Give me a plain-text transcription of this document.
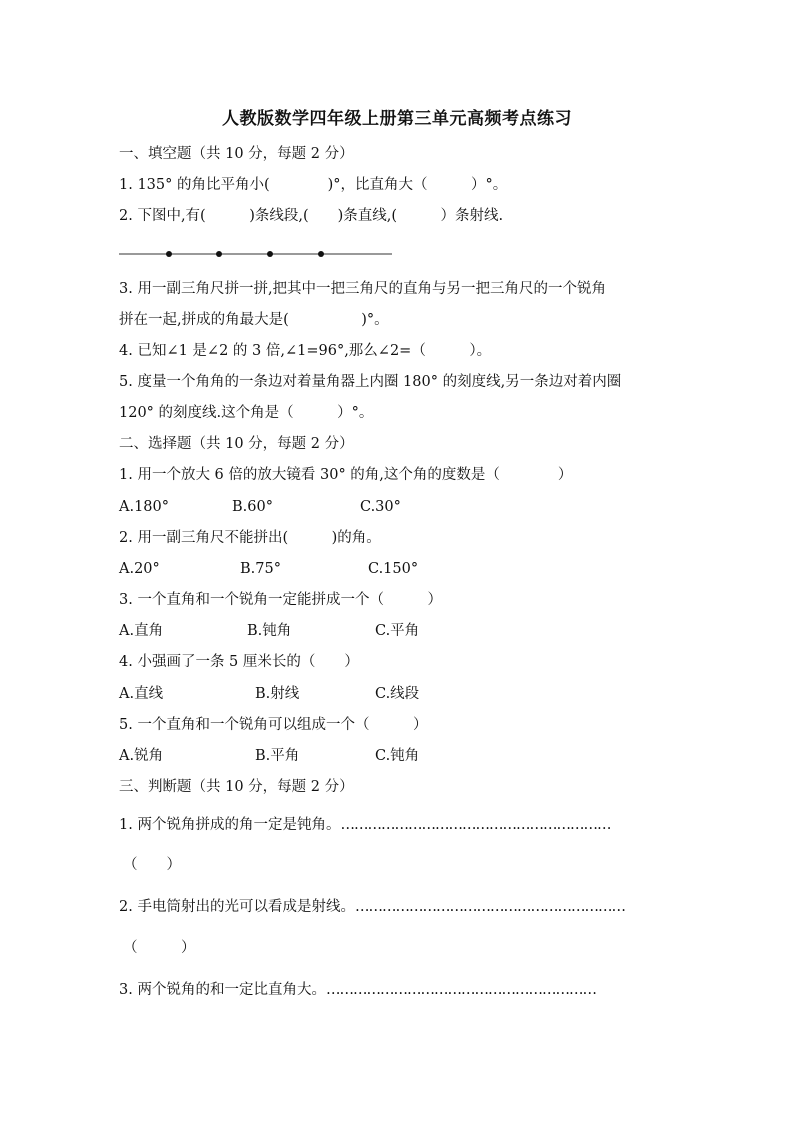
人教版数学四年级上册第三单元高频考点练习
一、填空题（共 10 分，每题 2 分）
1. 135° 的角比平角小(　　　　)°，比直角大（　　　）°。
2. 下图中,有(　　　)条线段,(　　)条直线,(　　　）条射线.
3. 用一副三角尺拼一拼,把其中一把三角尺的直角与另一把三角尺的一个锐角
拼在一起,拼成的角最大是(　　　　　)°。
4. 已知∠1 是∠2 的 3 倍,∠1=96°,那么∠2=（　　　）。
5. 度量一个角角的一条边对着量角器上内圈 180° 的刻度线,另一条边对着内圈
120° 的刻度线.这个角是（　　　）°。
二、选择题（共 10 分，每题 2 分）
1. 用一个放大 6 倍的放大镜看 30° 的角,这个角的度数是（　　　　）
A.180°	B.60°	C.30°
2. 用一副三角尺不能拼出(　　　)的角。
A.20°	B.75°	C.150°
3. 一个直角和一个锐角一定能拼成一个（　　　）
A.直角	B.钝角	C.平角
4. 小强画了一条 5 厘米长的（　　）
A.直线	B.射线	C.线段
5. 一个直角和一个锐角可以组成一个（　　　）
A.锐角	B.平角	C.钝角
三、判断题（共 10 分，每题 2 分）
1. 两个锐角拼成的角一定是钝角。……………………………………………………
（　　）
2. 手电筒射出的光可以看成是射线。……………………………………………………
（　　　）
3. 两个锐角的和一定比直角大。……………………………………………………
